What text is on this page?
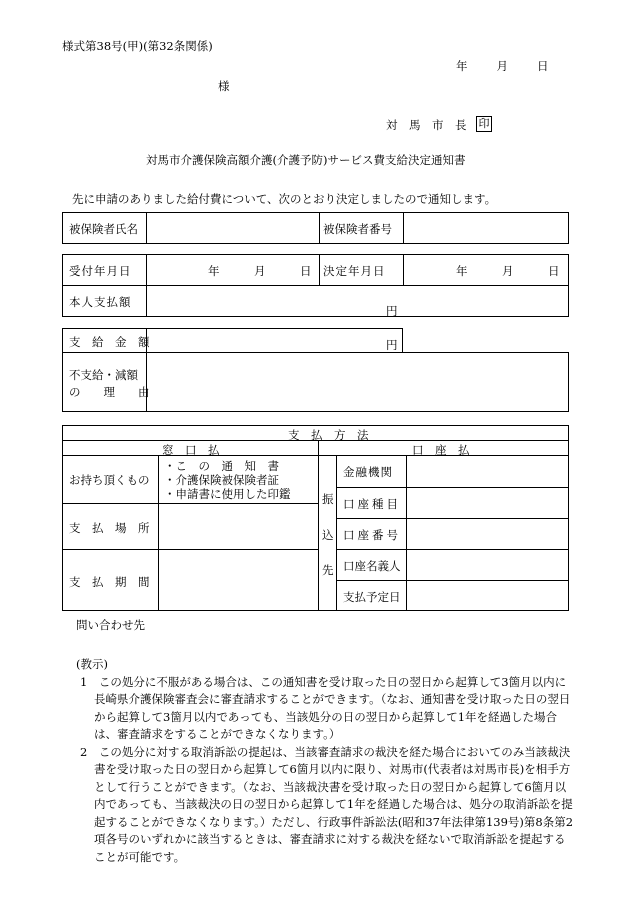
様式第38号(甲)(第32条関係)
年　　月　　日
様
対　馬　市　長 印
対馬市介護保険高額介護(介護予防)サービス費支給決定通知書
先に申請のありました給付費について、次のとおり決定しましたので通知します。
被保険者氏名	被保険者番号
受付年月日	年　　　月　　　日 決定年月日	年　　　月　　　日
本人支払額
円
支　給　金　額	円
不支給・減額
の　　理　　由
支　払　方　法
窓　口　払	口　座　払
お持ち頂くもの
・こ　の　通　知　書
・介護保険被保険者証
・申請書に使用した印鑑
支　払　場　所
支　払　期　間
振
込
先
金融機関
口座種目
口座番号
口座名義人
支払予定日
問い合わせ先
(教示)
1　この処分に不服がある場合は、この通知書を受け取った日の翌日から起算して3箇月以内に長崎県介護保険審査会に審査請求することができます。（なお、通知書を受け取った日の翌日から起算して3箇月以内であっても、当該処分の日の翌日から起算して1年を経過した場合は、審査請求をすることができなくなります。）
2　この処分に対する取消訴訟の提起は、当該審査請求の裁決を経た場合においてのみ当該裁決書を受け取った日の翌日から起算して6箇月以内に限り、対馬市(代表者は対馬市長)を相手方として行うことができます。（なお、当該裁決書を受け取った日の翌日から起算して6箇月以内であっても、当該裁決の日の翌日から起算して1年を経過した場合は、処分の取消訴訟を提起することができなくなります。）ただし、行政事件訴訟法(昭和37年法律第139号)第8条第2項各号のいずれかに該当するときは、審査請求に対する裁決を経ないで取消訴訟を提起することが可能です。
